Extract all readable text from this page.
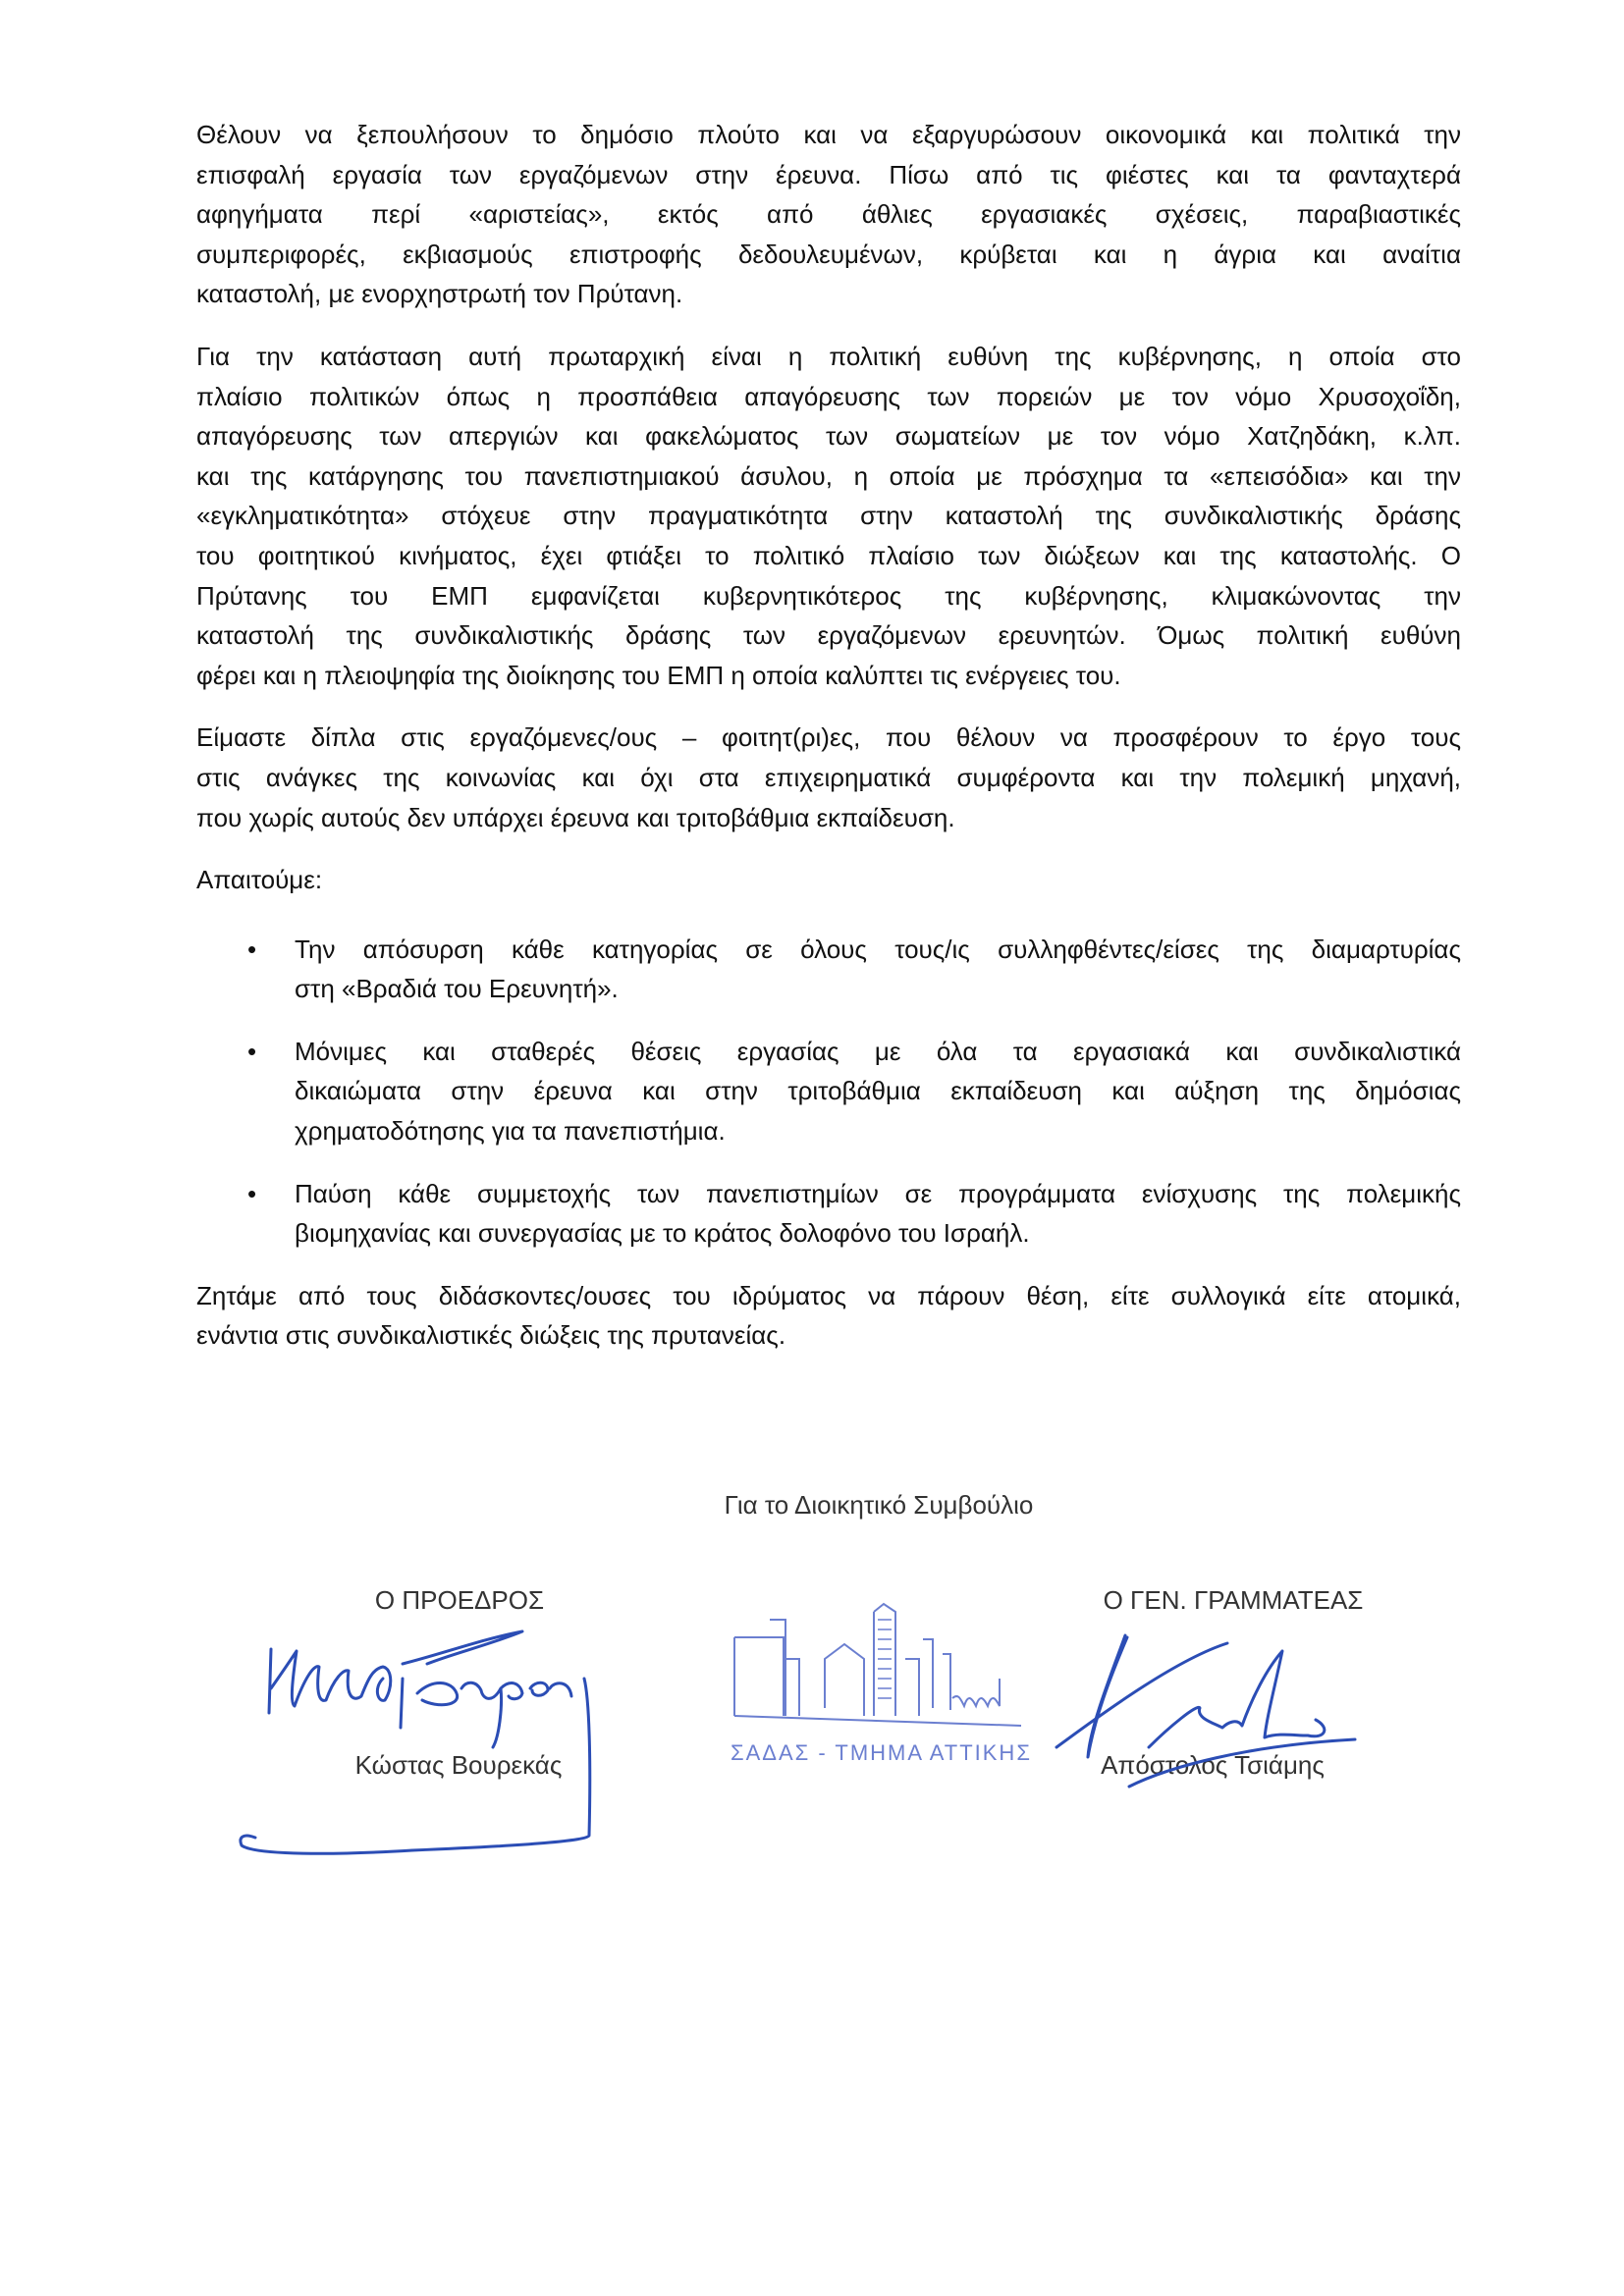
Θέλουν να ξεπουλήσουν το δημόσιο πλούτο και να εξαργυρώσουν οικονομικά και πολιτικά την
επισφαλή εργασία των εργαζόμενων στην έρευνα. Πίσω από τις φιέστες και τα φανταχτερά
αφηγήματα περί «αριστείας», εκτός από άθλιες εργασιακές σχέσεις, παραβιαστικές
συμπεριφορές, εκβιασμούς επιστροφής δεδουλευμένων, κρύβεται και η άγρια και αναίτια
καταστολή, με ενορχηστρωτή τον Πρύτανη.
Για την κατάσταση αυτή πρωταρχική είναι η πολιτική ευθύνη της κυβέρνησης, η οποία στο
πλαίσιο πολιτικών όπως η προσπάθεια απαγόρευσης των πορειών με τον νόμο Χρυσοχοΐδη,
απαγόρευσης των απεργιών και φακελώματος των σωματείων με τον νόμο Χατζηδάκη, κ.λπ.
και της κατάργησης του πανεπιστημιακού άσυλου, η οποία με πρόσχημα τα «επεισόδια» και την
«εγκληματικότητα» στόχευε στην πραγματικότητα στην καταστολή της συνδικαλιστικής δράσης
του φοιτητικού κινήματος, έχει φτιάξει το πολιτικό πλαίσιο των διώξεων και της καταστολής. Ο
Πρύτανης του ΕΜΠ εμφανίζεται κυβερνητικότερος της κυβέρνησης, κλιμακώνοντας την
καταστολή της συνδικαλιστικής δράσης των εργαζόμενων ερευνητών. Όμως πολιτική ευθύνη
φέρει και η πλειοψηφία της διοίκησης του ΕΜΠ η οποία καλύπτει τις ενέργειες του.
Είμαστε δίπλα στις εργαζόμενες/ους – φοιτητ(ρι)ες, που θέλουν να προσφέρουν το έργο τους
στις ανάγκες της κοινωνίας και όχι στα επιχειρηματικά συμφέροντα και την πολεμική μηχανή,
που χωρίς αυτούς δεν υπάρχει έρευνα και τριτοβάθμια εκπαίδευση.
Απαιτούμε:
• Την απόσυρση κάθε κατηγορίας σε όλους τους/ις συλληφθέντες/είσες της διαμαρτυρίας
στη «Βραδιά του Ερευνητή».
• Μόνιμες και σταθερές θέσεις εργασίας με όλα τα εργασιακά και συνδικαλιστικά
δικαιώματα στην έρευνα και στην τριτοβάθμια εκπαίδευση και αύξηση της δημόσιας
χρηματοδότησης για τα πανεπιστήμια.
• Παύση κάθε συμμετοχής των πανεπιστημίων σε προγράμματα ενίσχυσης της πολεμικής
βιομηχανίας και συνεργασίας με το κράτος δολοφόνο του Ισραήλ.
Ζητάμε από τους διδάσκοντες/ουσες του ιδρύματος να πάρουν θέση, είτε συλλογικά είτε ατομικά,
ενάντια στις συνδικαλιστικές διώξεις της πρυτανείας.
Για το Διοικητικό Συμβούλιο
Ο ΠΡΟΕΔΡΟΣ	Ο ΓΕΝ. ΓΡΑΜΜΑΤΕΑΣ
Κώστας Βουρεκάς	Απόστολος Τσιάμης
ΣΑΔΑΣ - ΤΜΗΜΑ ΑΤΤΙΚΗΣ
